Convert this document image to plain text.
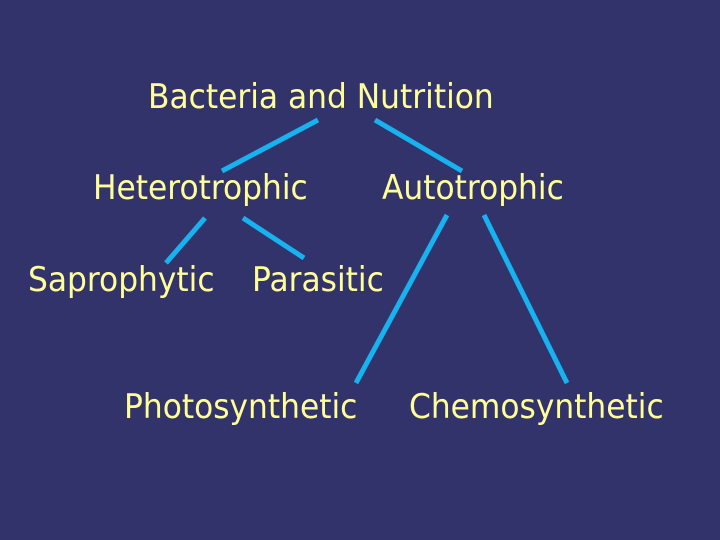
Bacteria and Nutrition
Heterotrophic Autotrophic
Saprophytic Parasitic
Photosynthetic Chemosynthetic
